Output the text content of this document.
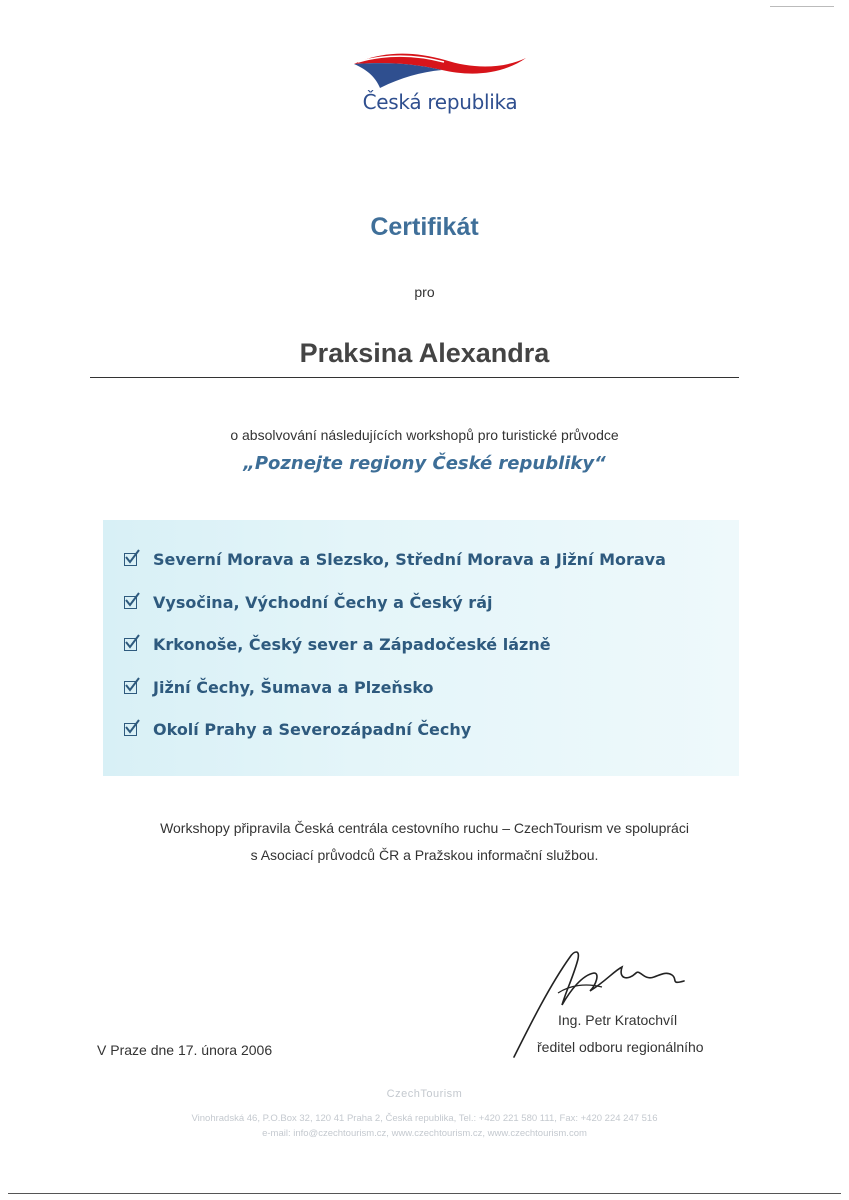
Česká republika
Certifikát
pro
Praksina Alexandra
o absolvování následujících workshopů pro turistické průvodce
„Poznejte regiony České republiky“
Severní Morava a Slezsko, Střední Morava a Jižní Morava
Vysočina, Východní Čechy a Český ráj
Krkonoše, Český sever a Západočeské lázně
Jižní Čechy, Šumava a Plzeňsko
Okolí Prahy a Severozápadní Čechy
Workshopy připravila Česká centrála cestovního ruchu – CzechTourism ve spolupráci
s Asociací průvodců ČR a Pražskou informační službou.
Ing. Petr Kratochvíl
ředitel odboru regionálního
V Praze dne 17. února 2006
CzechTourism
Vinohradská 46, P.O.Box 32, 120 41 Praha 2, Česká republika, Tel.: +420 221 580 111, Fax: +420 224 247 516
e-mail: info@czechtourism.cz, www.czechtourism.cz, www.czechtourism.com
